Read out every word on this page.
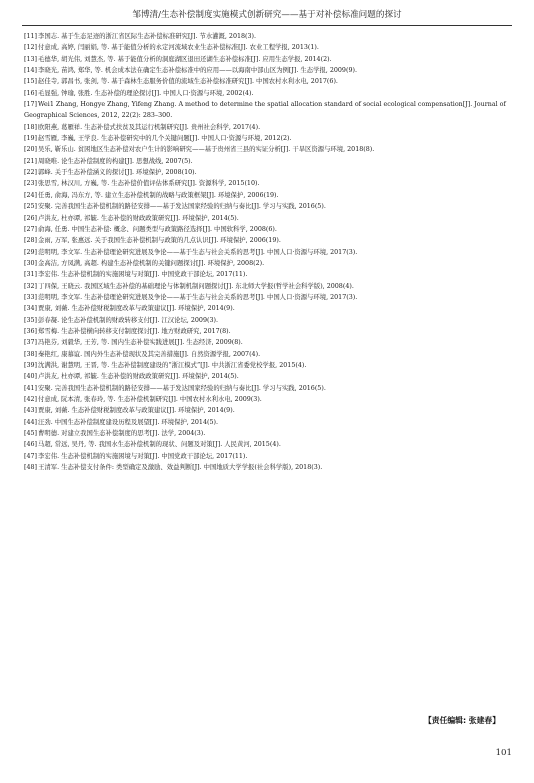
邹博清/生态补偿制度实施模式创新研究——基于对补偿标准问题的探讨

[11]李国志. 基于生态足迹的浙江省区际生态补偿标准研究[J]. 节水灌溉, 2018(3).

[12]付意成, 高婷, 闫丽娟, 等. 基于能值分析的永定河流域农业生态补偿标准[J]. 农业工程学报, 2013(1).

[13]毛德华, 胡光伟, 刘慧杰, 等. 基于能值分析的洞庭湖区退田还湖生态补偿标准[J]. 应用生态学报, 2014(2).

[14]李晓光, 苗鸿, 郑华, 等. 机会成本法在确定生态补偿标准中的应用——以海南中部山区为例[J]. 生态学报, 2009(9).

[15]赵佳寺, 郭昌书, 张剑, 等. 基于森林生态服务价值的流域生态补偿标准研究[J]. 中国农村水利水电, 2017(6).

[16]毛显强, 钟瑜, 张胜. 生态补偿的理论探讨[J]. 中国人口·资源与环境, 2002(4).

[17]Wei1 Zhang, Hongye Zhang, Yifeng Zhang. A method to determine the spatial allocation standard of social ecological compensation[J]. Journal of Geographical Sciences, 2012, 22(2): 283–300.

[18]欧阳燕, 葛雁祥. 生态补偿式扶贫及其运行机制研究[J]. 贵州社会科学, 2017(4).

[19]赵雪雁, 李巍, 王学良. 生态补偿研究中的几个关键问题[J]. 中国人口·资源与环境, 2012(2).

[20]吴乐, 靳乐山. 贫困地区生态补偿对农户生计的影响研究——基于贵州省三县的实证分析[J]. 干旱区资源与环境, 2018(8).

[21]周晓唯. 论生态补偿制度的构建[J]. 思想战线, 2007(5).

[22]郭峰. 关于生态补偿涵义的探讨[J]. 环境保护, 2008(10).

[23]张思雪, 林汉川, 方巍, 等. 生态补偿价值评估体系研究[J]. 资源科学, 2015(10).

[24]任勇, 俞海, 冯东方, 等. 建立生态补偿机制的战略与政策框架[J]. 环境保护, 2006(19).

[25]安聚. 完善我国生态补偿机制的路径安排——基于发达国家经验的归纳与奏比[J]. 学习与实践, 2016(5).

[26]卢洪友, 杜亦谭, 祁毓. 生态补偿的财政政策研究[J]. 环境保护, 2014(5).

[27]俞海, 任勇. 中国生态补偿: 概念、问题类型与政策路径选择[J]. 中国软科学, 2008(6).

[28]金雨, 万军, 张惠远. 关于我国生态补偿机制与政策的几点认识[J]. 环境保护, 2006(19).

[29]范明明, 李文军. 生态补偿理论研究进展及争论——基于生态与社会关系的思考[J]. 中国人口·资源与环境, 2017(3).

[30]金高洁, 方凤满, 高超. 构建生态补偿机制的关键问题探讨[J]. 环境保护, 2008(2).

[31]李宏伟. 生态补偿机制的实施困境与对策[J]. 中国党政干部论坛, 2017(11).

[32]丁四保, 王晓云. 我国区域生态补偿的基础理论与体制机制问题探讨[J]. 东北师大学报(哲学社会科学版), 2008(4).

[33]范明明, 李文军. 生态补偿理论研究进展及争论——基于生态与社会关系的思考[J]. 中国人口·资源与环境, 2017(3).

[34]贾康, 刘薇. 生态补偿财税制度改革与政策建议[J]. 环境保护, 2014(9).

[35]彭春凝. 论生态补偿机制的财政转移支付[J]. 江汉论坛, 2009(3).

[36]郑雪梅. 生态补偿横向转移支付制度探讨[J]. 地方财政研究, 2017(8).

[37]冯艳芬, 刘毅华, 王芳, 等. 国内生态补偿实践进展[J]. 生态经济, 2009(8).

[38]秦艳红, 康慕谊. 国内外生态补偿现状及其完善措施[J]. 自然资源学报, 2007(4).

[39]沈满洪, 谢慧明, 王晋, 等. 生态补偿制度建设的“浙江模式”[J]. 中共浙江省委党校学报, 2015(4).

[40]卢洪友, 杜亦谭, 祁毓. 生态补偿的财政政策研究[J]. 环境保护, 2014(5).

[41]安聚. 完善我国生态补偿机制的路径安排——基于发达国家经验的归纳与奏比[J]. 学习与实践, 2016(5).

[42]付意成, 阮本清, 张春玲, 等. 生态补偿机制研究[J]. 中国农村水利水电, 2009(3).

[43]贾康, 刘薇. 生态补偿财税制度改革与政策建议[J]. 环境保护, 2014(9).

[44]汪劲. 中国生态补偿制度建设历程及展望[J]. 环境保护, 2014(5).

[45]曹明德. 对建立我国生态补偿制度的思考[J]. 法学, 2004(3).

[46]马超, 常远, 吴丹, 等. 我国水生态补偿机制的现状、问题及对策[J]. 人民黄河, 2015(4).

[47]李宏伟. 生态补偿机制的实施困境与对策[J]. 中国党政干部论坛, 2017(11).

[48]王清军. 生态补偿支付条件: 类型确定及激励、效益判断[J]. 中国地质大学学报(社会科学版), 2018(3).

【责任编辑: 张建春】
101
